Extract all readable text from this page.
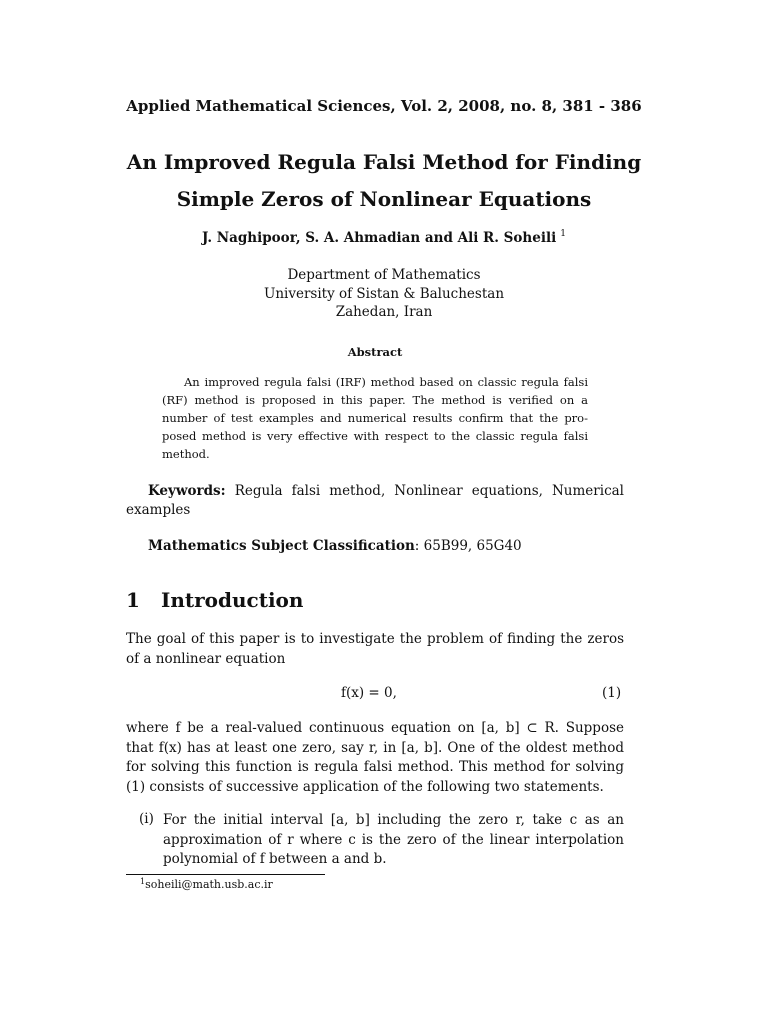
Applied Mathematical Sciences, Vol. 2, 2008, no. 8, 381 - 386
An Improved Regula Falsi Method for Finding
Simple Zeros of Nonlinear Equations
J. Naghipoor, S. A. Ahmadian and Ali R. Soheili $^1$
Department of Mathematics
University of Sistan & Baluchestan
Zahedan, Iran
Abstract
An improved regula falsi (IRF) method based on classic regula falsi (RF) method is proposed in this paper. The method is verified on a number of test examples and numerical results confirm that the proposed method is very effective with respect to the classic regula falsi method.
Keywords: Regula falsi method, Nonlinear equations, Numerical examples
Mathematics Subject Classification: 65B99, 65G40
1 Introduction
The goal of this paper is to investigate the problem of finding the zeros of a nonlinear equation
f(x) = 0,	(1)
where f be a real-valued continuous equation on [a, b] ⊂ R. Suppose that f(x) has at least one zero, say r, in [a, b]. One of the oldest method for solving this function is regula falsi method. This method for solving (1) consists of successive application of the following two statements.
(i) For the initial interval [a, b] including the zero r, take c as an approximation of r where c is the zero of the linear interpolation polynomial of f between a and b.
$^1$soheili@math.usb.ac.ir
